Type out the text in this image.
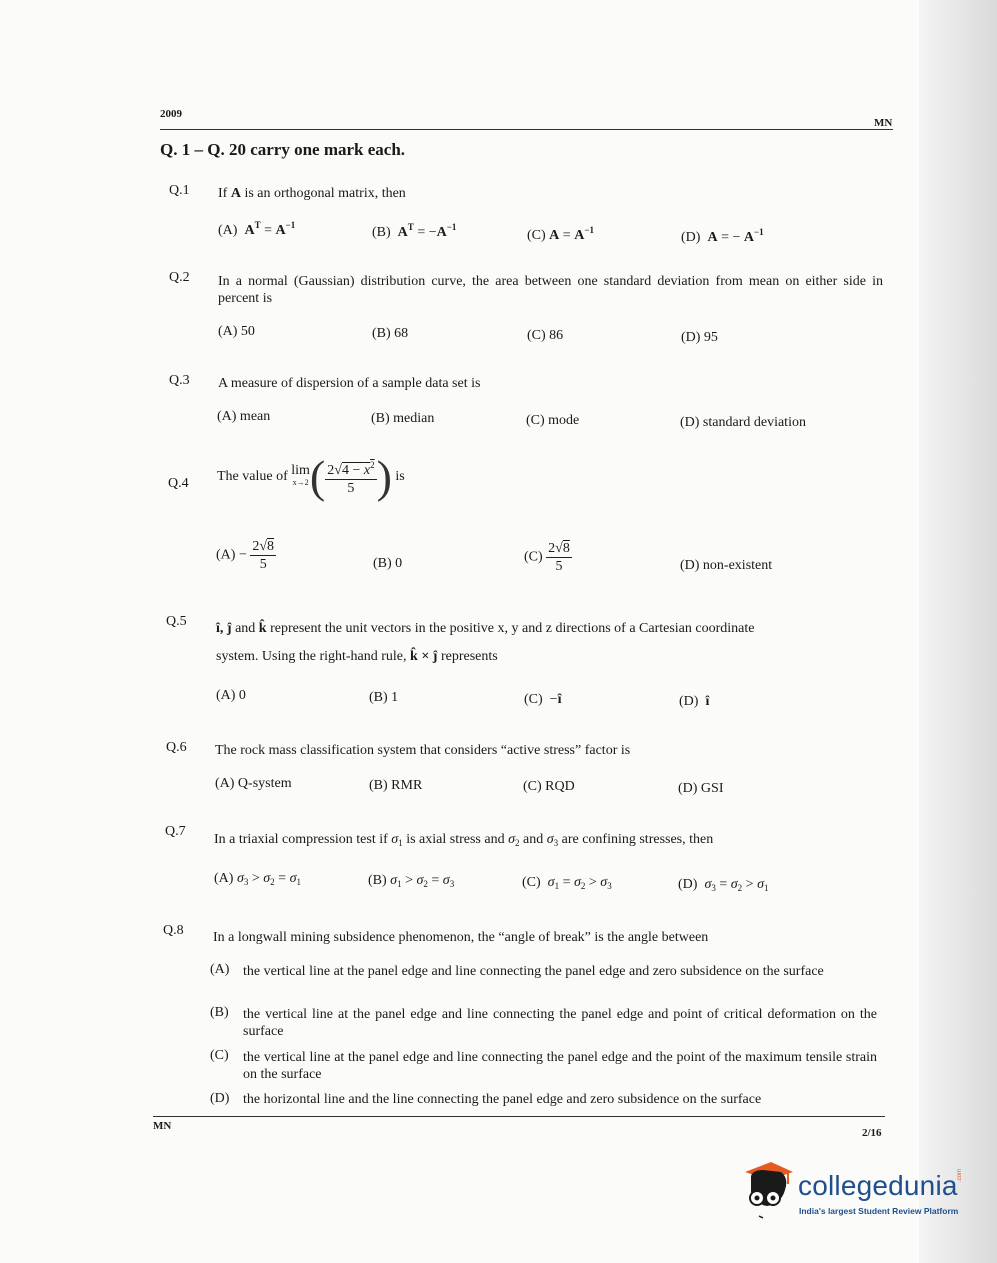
2009
MN
Q. 1 – Q. 20 carry one mark each.
Q.1 If A is an orthogonal matrix, then
(A) $A^T = A^{-1}$	(B) $A^T = -A^{-1}$
(C) $A = A^{-1}$	(D) A = − $A^{-1}$
Q.2 In a normal (Gaussian) distribution curve, the area between one standard deviation from mean on either side in percent is
(A) 50	(B) 68	(C) 86	(D) 95
Q.3 A measure of dispersion of a sample data set is
(A) mean	(B) median	(C) mode	(D) standard deviation
Q.4 The value of lim
x→2 ( $\frac{2√4 - x^2}{5}$ ) is
$(A) - \frac{2√8}{5}$	(B) 0	$(C) \frac{2√8}{5}$	(D) non-existent
Q.5 î, ĵ and k̂ represent the unit vectors in the positive x, y and z directions of a Cartesian coordinate
system. Using the right-hand rule, k̂ × ĵ represents
(A) 0	(B) 1	(C)  −î	(D) î
Q.6 The rock mass classification system that considers “active stress” factor is
(A) Q-system	(B) RMR	(C) RQD	(D) GSI
Q.7
In a triaxial compression test if $\sigma_1$ is axial stress and $\sigma_2$ and $\sigma_3$ are confining stresses, then
(A) $\sigma_3 > \sigma_2 = \sigma_1$	(B) $\sigma_1 > \sigma_2 = \sigma_3$	(C) $\sigma_1 = \sigma_2 > \sigma_3$	(D) $\sigma_3 = \sigma_2 > \sigma_1$
Q.8 In a longwall mining subsidence phenomenon, the “angle of break” is the angle between
(A) the vertical line at the panel edge and line connecting the panel edge and zero subsidence on the surface
(B)	the vertical line at the panel edge and line connecting the panel edge and point of critical deformation on the surface
(C)	the vertical line at the panel edge and line connecting the panel edge and the point of the maximum tensile strain on the surface
(D) the horizontal line and the line connecting the panel edge and zero subsidence on the surface
MN
2/16
collegedunia .com
India's largest Student Review Platform
